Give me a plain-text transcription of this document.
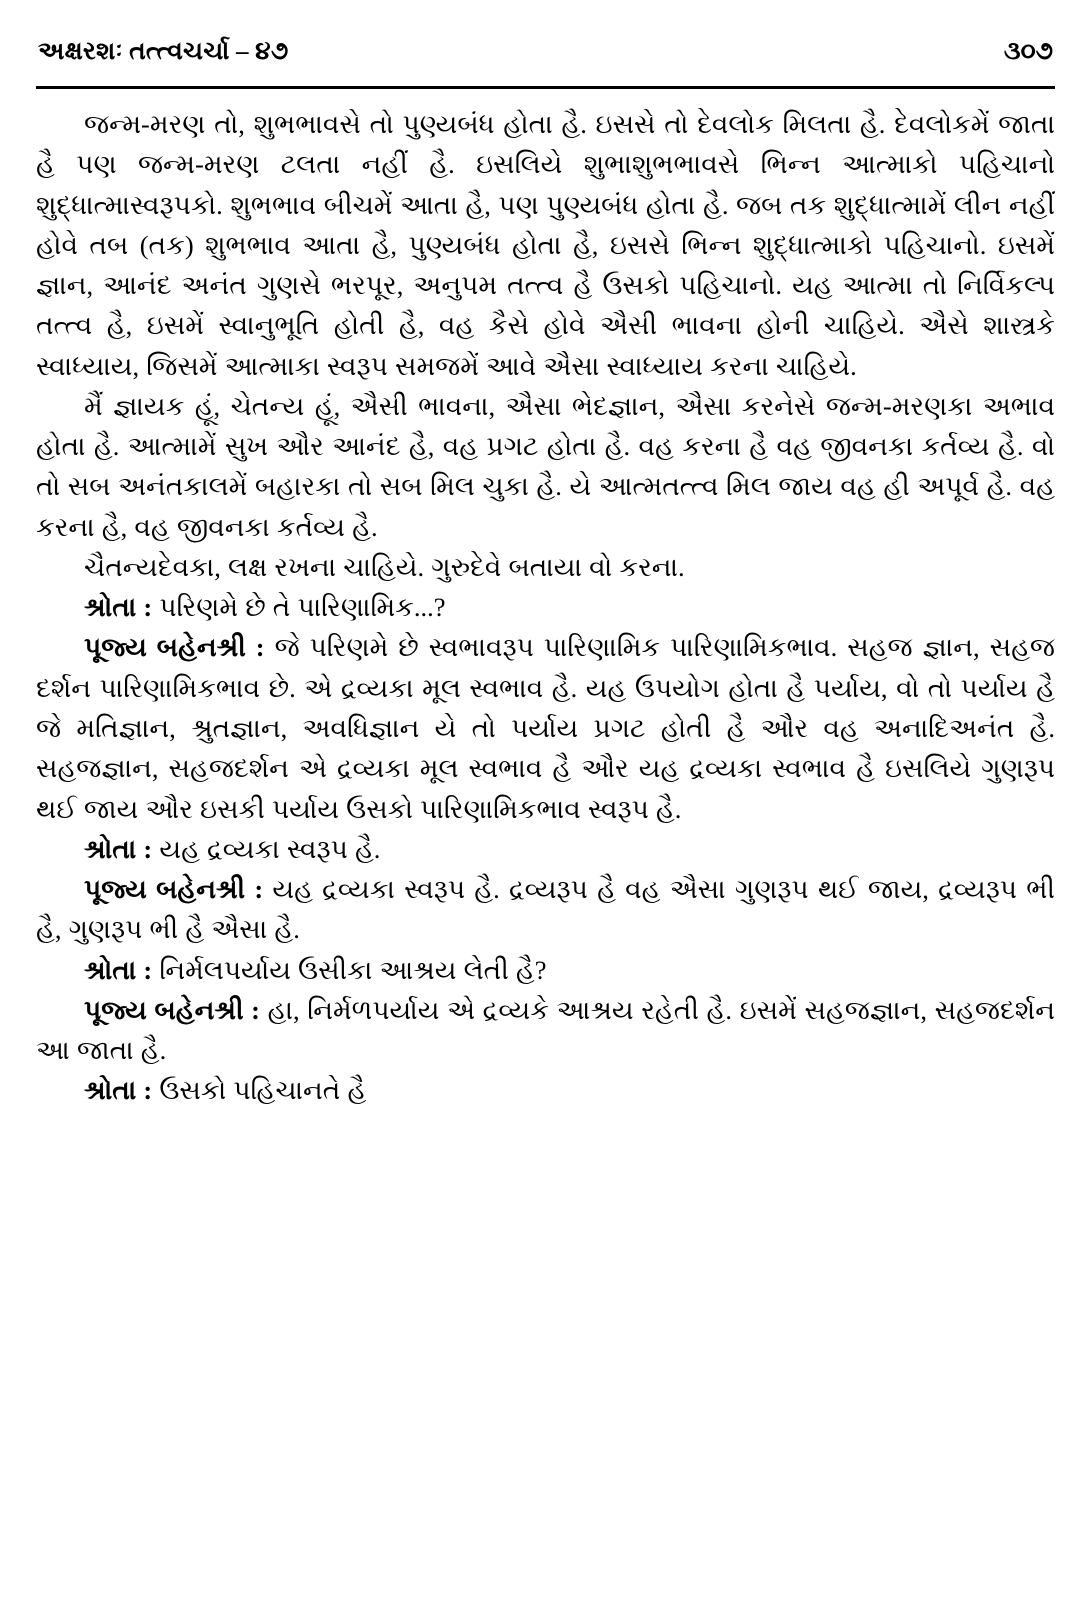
અક્ષરશઃ તત્ત્વચર્ચા – ૪૭	૩૦૭

જન્મ-મરણ તો, શુભભાવસે તો પુણ્યબંધ હોતા હૈ. ઇસસે તો દેવલોક મિલતા હૈ. દેવલોકમેં જાતા હૈ પણ જન્મ-મરણ ટલતા નહીં હૈ. ઇસલિયે શુભાશુભભાવસે ભિન્ન આત્માકો પહિચાનો શુદ્ધાત્માસ્વરૂપકો. શુભભાવ બીચમેં આતા હૈ, પણ પુણ્યબંધ હોતા હૈ. જબ તક શુદ્ધાત્મામેં લીન નહીં હોવે તબ (તક) શુભભાવ આતા હૈ, પુણ્યબંધ હોતા હૈ, ઇસસે ભિન્ન શુદ્ધાત્માકો પહિચાનો. ઇસમેં જ્ઞાન, આનંદ અનંત ગુણસે ભરપૂર, અનુપમ તત્ત્વ હૈ ઉસકો પહિચાનો. યહ આત્મા તો નિર્વિકલ્પ તત્ત્વ હૈ, ઇસમેં સ્વાનુભૂતિ હોતી હૈ, વહ કૈસે હોવે ઐસી ભાવના હોની ચાહિયે. ઐસે શાસ્ત્રકે સ્વાધ્યાય, જિસમેં આત્માકા સ્વરૂપ સમજમેં આવે ઐસા સ્વાધ્યાય કરના ચાહિયે.

મૈં જ્ઞાયક હૂં, ચેતન્ય હૂં, ઐસી ભાવના, ઐસા ભેદજ્ઞાન, ઐસા કરનેસે જન્મ-મરણકા અભાવ હોતા હૈ. આત્મામેં સુખ ઔર આનંદ હૈ, વહ પ્રગટ હોતા હૈ. વહ કરના હૈ વહ જીવનકા કર્તવ્ય હૈ. વો તો સબ અનંતકાલમેં બહારકા તો સબ મિલ ચુકા હૈ. યે આત્મતત્ત્વ મિલ જાય વહ હી અપૂર્વ હૈ. વહ કરના હૈ, વહ જીવનકા કર્તવ્ય હૈ.

ચૈતન્યદેવકા, લક્ષ રખના ચાહિયે. ગુરુદેવે બતાયા વો કરના.

શ્રોતા : પરિણમે છે તે પારિણામિક...?

પૂજ્ય બહેનશ્રી : જે પરિણમે છે સ્વભાવરૂપ પારિણામિક પારિણામિકભાવ. સહજ જ્ઞાન, સહજ દર્શન પારિણામિકભાવ છે. એ દ્રવ્યકા મૂલ સ્વભાવ હૈ. યહ ઉપયોગ હોતા હૈ પર્યાય, વો તો પર્યાય હૈ જે મતિજ્ઞાન, શ્રુતજ્ઞાન, અવધિજ્ઞાન યે તો પર્યાય પ્રગટ હોતી હૈ ઔર વહ અનાદિઅનંત હૈ. સહજજ્ઞાન, સહજદર્શન એ દ્રવ્યકા મૂલ સ્વભાવ હૈ ઔર યહ દ્રવ્યકા સ્વભાવ હૈ ઇસલિયે ગુણરૂપ થઈ જાય ઔર ઇસકી પર્યાય ઉસકો પારિણામિકભાવ સ્વરૂપ હૈ.

શ્રોતા : યહ દ્રવ્યકા સ્વરૂપ હૈ.

પૂજ્ય બહેનશ્રી : યહ દ્રવ્યકા સ્વરૂપ હૈ. દ્રવ્યરૂપ હૈ વહ ઐસા ગુણરૂપ થઈ જાય, દ્રવ્યરૂપ ભી હૈ, ગુણરૂપ ભી હૈ ઐસા હૈ.

શ્રોતા : નિર્મલપર્યાય ઉસીકા આશ્રય લેતી હૈ?

પૂજ્ય બહેનશ્રી : હા, નિર્મળપર્યાય એ દ્રવ્યકે આશ્રય રહેતી હૈ. ઇસમેં સહજજ્ઞાન, સહજદર્શન આ જાતા હૈ.

શ્રોતા : ઉસકો પહિચાનતે હૈ
